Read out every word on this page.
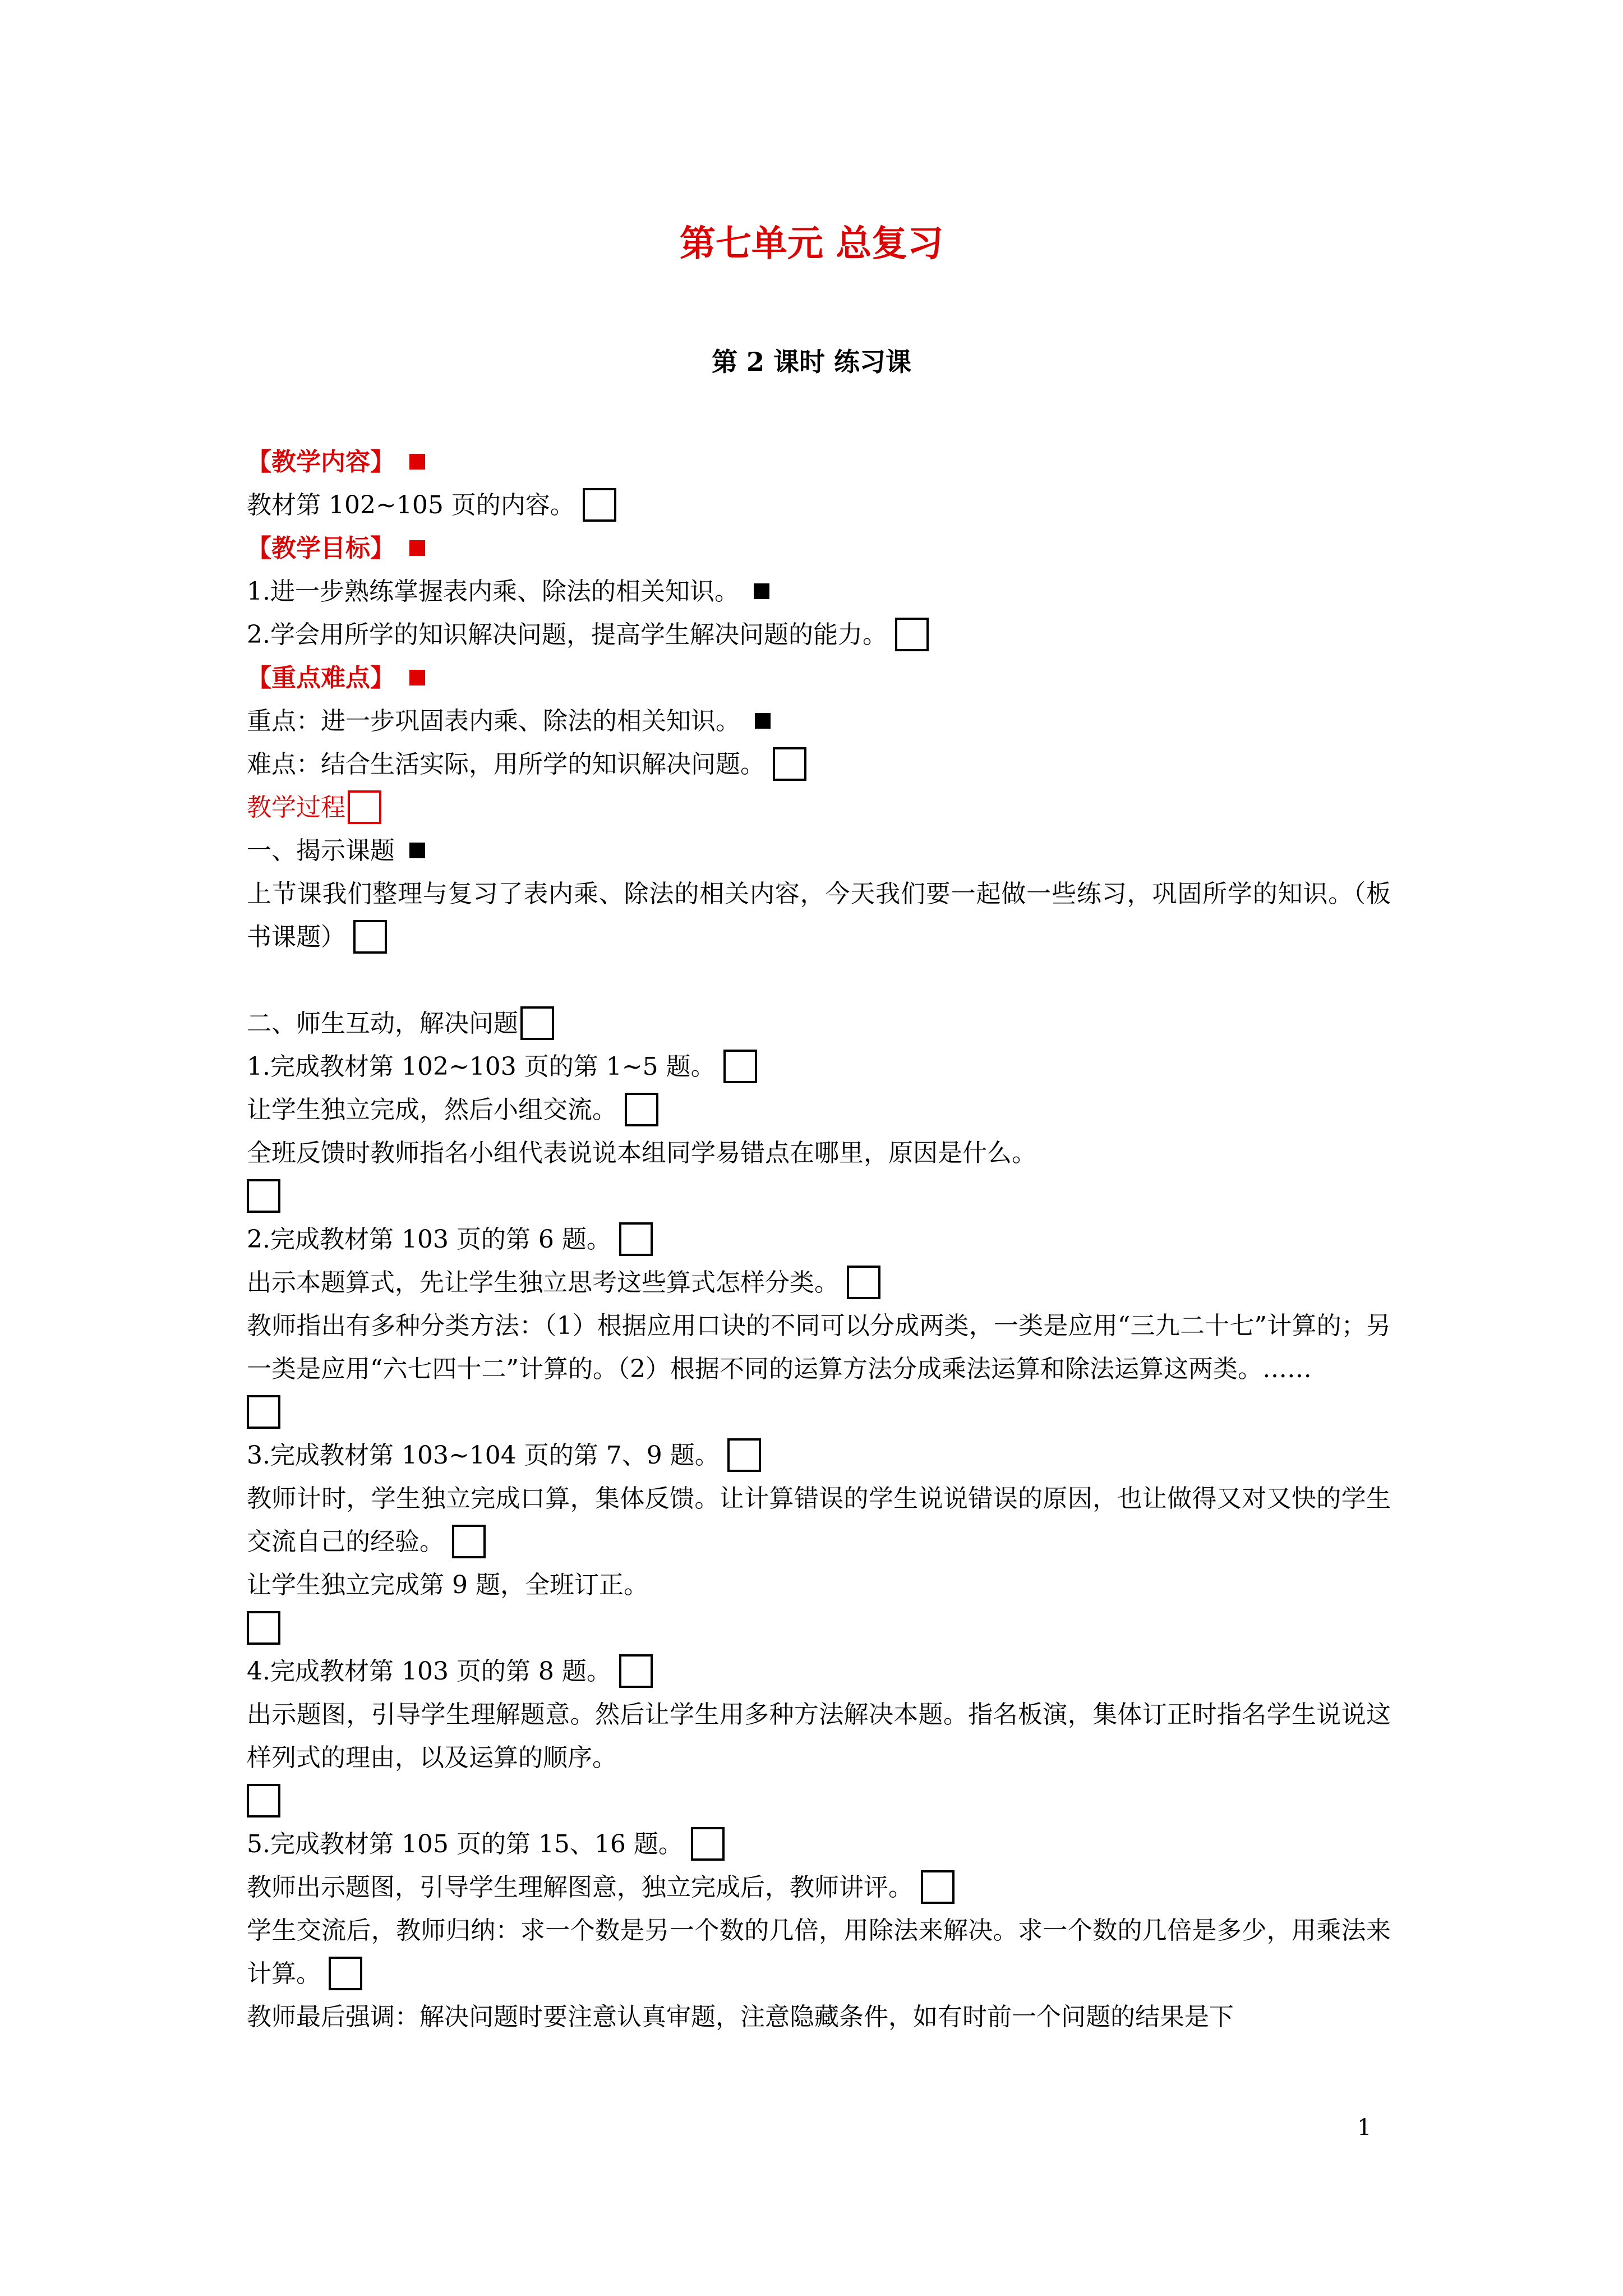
第七单元 总复习
第 2 课时 练习课
【教学内容】
教材第 102~105 页的内容。
【教学目标】
1.进一步熟练掌握表内乘、除法的相关知识。
2.学会用所学的知识解决问题，提高学生解决问题的能力。
【重点难点】
重点：进一步巩固表内乘、除法的相关知识。
难点：结合生活实际，用所学的知识解决问题。
教学过程
一、揭示课题
上节课我们整理与复习了表内乘、除法的相关内容，今天我们要一起做一些练习，巩固所学的知识。（板书课题）
二、师生互动，解决问题
1.完成教材第 102~103 页的第 1~5 题。
让学生独立完成，然后小组交流。
全班反馈时教师指名小组代表说说本组同学易错点在哪里，原因是什么。
2.完成教材第 103 页的第 6 题。
出示本题算式，先让学生独立思考这些算式怎样分类。
教师指出有多种分类方法：（1）根据应用口诀的不同可以分成两类，一类是应用“三九二十七”计算的；另一类是应用“六七四十二”计算的。（2）根据不同的运算方法分成乘法运算和除法运算这两类。……
3.完成教材第 103~104 页的第 7、9 题。
教师计时，学生独立完成口算，集体反馈。让计算错误的学生说说错误的原因，也让做得又对又快的学生交流自己的经验。
让学生独立完成第 9 题，全班订正。
4.完成教材第 103 页的第 8 题。
出示题图，引导学生理解题意。然后让学生用多种方法解决本题。指名板演，集体订正时指名学生说说这样列式的理由，以及运算的顺序。
5.完成教材第 105 页的第 15、16 题。
教师出示题图，引导学生理解图意，独立完成后，教师讲评。
学生交流后，教师归纳：求一个数是另一个数的几倍，用除法来解决。求一个数的几倍是多少，用乘法来计算。
教师最后强调：解决问题时要注意认真审题，注意隐藏条件，如有时前一个问题的结果是下
1
